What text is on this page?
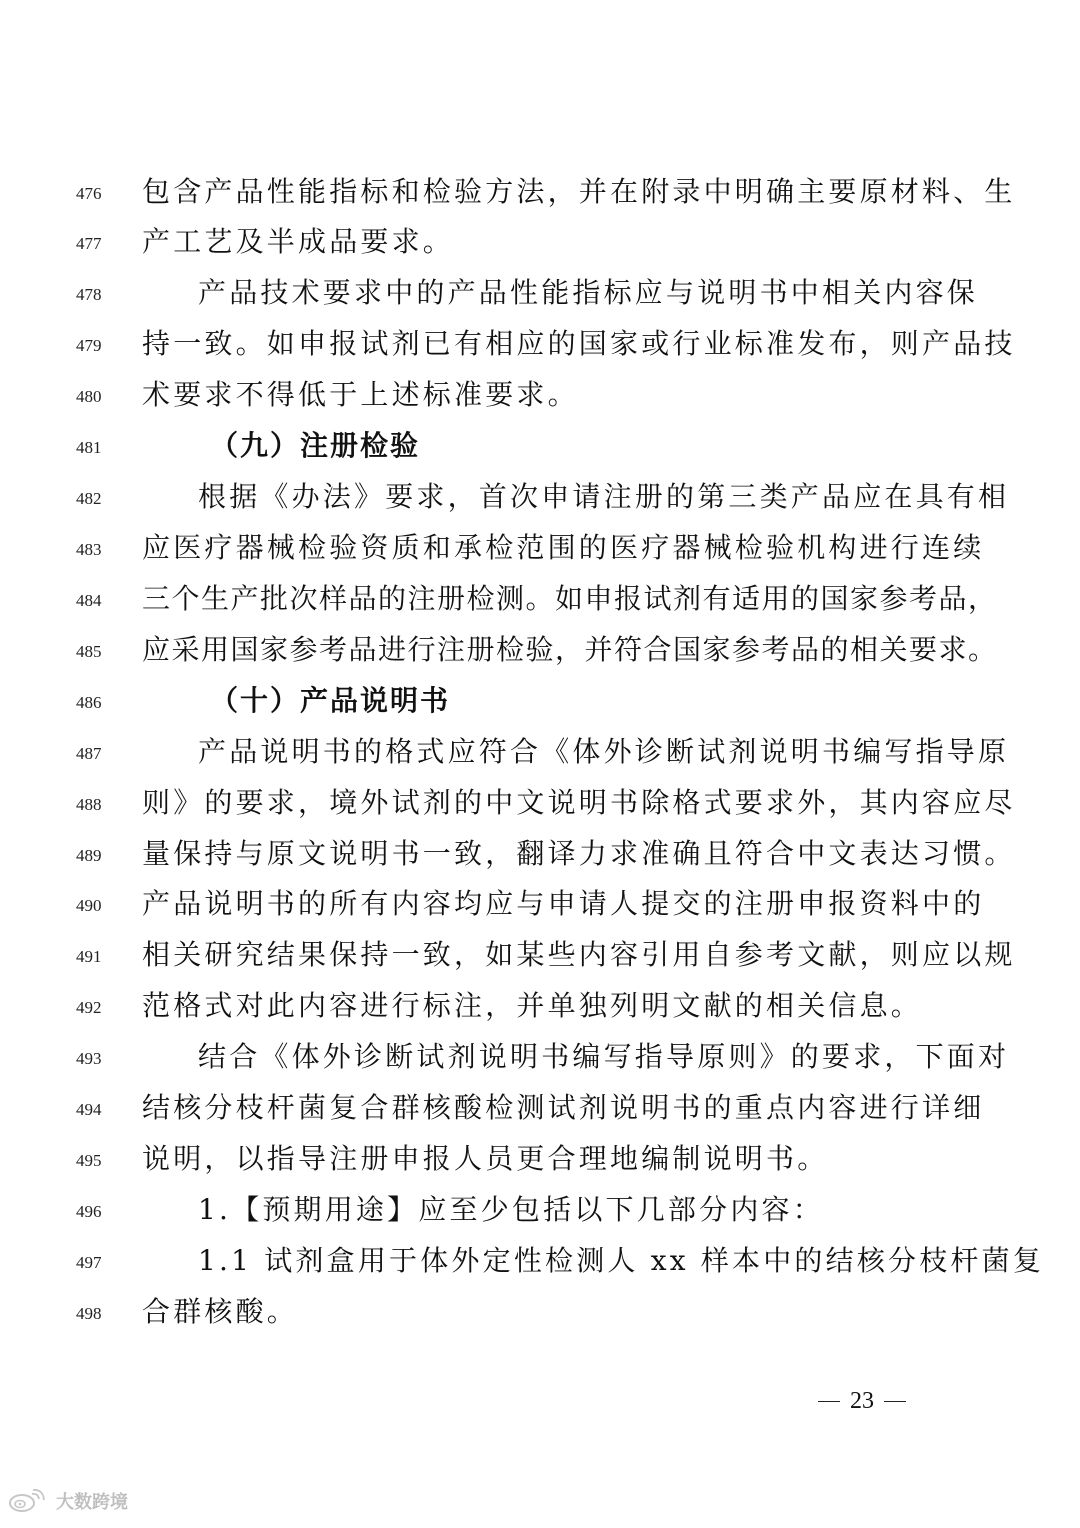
476	包含产品性能指标和检验方法，并在附录中明确主要原材料、生
477	产工艺及半成品要求。
478	产品技术要求中的产品性能指标应与说明书中相关内容保
479	持一致。如申报试剂已有相应的国家或行业标准发布，则产品技
480	术要求不得低于上述标准要求。
481	（九）注册检验
482	根据《办法》要求，首次申请注册的第三类产品应在具有相
483	应医疗器械检验资质和承检范围的医疗器械检验机构进行连续
484	三个生产批次样品的注册检测。如申报试剂有适用的国家参考品，
485	应采用国家参考品进行注册检验，并符合国家参考品的相关要求。
486	（十）产品说明书
487	产品说明书的格式应符合《体外诊断试剂说明书编写指导原
488	则》的要求，境外试剂的中文说明书除格式要求外，其内容应尽
489	量保持与原文说明书一致，翻译力求准确且符合中文表达习惯。
490	产品说明书的所有内容均应与申请人提交的注册申报资料中的
491	相关研究结果保持一致，如某些内容引用自参考文献，则应以规
492	范格式对此内容进行标注，并单独列明文献的相关信息。
493	结合《体外诊断试剂说明书编写指导原则》的要求，下面对
494	结核分枝杆菌复合群核酸检测试剂说明书的重点内容进行详细
495	说明，以指导注册申报人员更合理地编制说明书。
496	1.【预期用途】应至少包括以下几部分内容：
497	1.1 试剂盒用于体外定性检测人 xx 样本中的结核分枝杆菌复
498	合群核酸。
23
大数跨境
